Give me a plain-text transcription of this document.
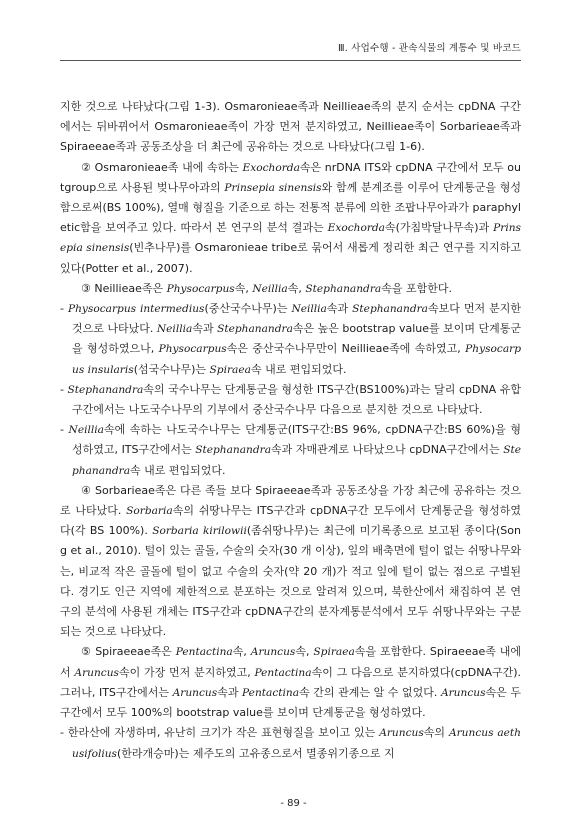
Ⅲ. 사업수행 - 관속식물의 계통수 및 바코드

지한 것으로 나타났다(그림 1-3). Osmaronieae족과 Neillieae족의 분지 순서는 cpDNA 구간에서는 뒤바뀌어서 Osmaronieae족이 가장 먼저 분지하였고, Neillieae족이 Sorbarieae족과 Spiraeeae족과 공동조상을 더 최근에 공유하는 것으로 나타났다(그림 1-6).

② Osmaronieae족 내에 속하는 Exochorda속은 nrDNA ITS와 cpDNA 구간에서 모두 outgroup으로 사용된 벚나무아과의 Prinsepia sinensis와 함께 분계조를 이루어 단계통군을 형성함으로써(BS 100%), 열매 형질을 기준으로 하는 전통적 분류에 의한 조팝나무아과가 paraphyletic함을 보여주고 있다. 따라서 본 연구의 분석 결과는 Exochorda속(가침박달나무속)과 Prinsepia sinensis(빈추나무)를 Osmaronieae tribe로 묶어서 새롭게 정리한 최근 연구를 지지하고 있다(Potter et al., 2007).

③ Neillieae족은 Physocarpus속, Neillia속, Stephanandra속을 포함한다.

- Physocarpus intermedius(중산국수나무)는 Neillia속과 Stephanandra속보다 먼저 분지한 것으로 나타났다. Neillia속과 Stephanandra속은 높은 bootstrap value를 보이며 단계통군을 형성하였으나, Physocarpus속은 중산국수나무만이 Neillieae족에 속하였고, Physocarpus insularis(섬국수나무)는 Spiraea속 내로 편입되었다.

- Stephanandra속의 국수나무는 단계통군을 형성한 ITS구간(BS100%)과는 달리 cpDNA 유합 구간에서는 나도국수나무의 기부에서 중산국수나무 다음으로 분지한 것으로 나타났다.

- Neillia속에 속하는 나도국수나무는 단계통군(ITS구간:BS 96%, cpDNA구간:BS 60%)을 형성하였고, ITS구간에서는 Stephanandra속과 자매관계로 나타났으나 cpDNA구간에서는 Stephanandra속 내로 편입되었다.

④ Sorbarieae족은 다른 족들 보다 Spiraeeae족과 공동조상을 가장 최근에 공유하는 것으로 나타났다. Sorbaria속의 쉬땅나무는 ITS구간과 cpDNA구간 모두에서 단계통군을 형성하였다(각 BS 100%). Sorbaria kirilowii(좀쉬땅나무)는 최근에 미기록종으로 보고된 종이다(Song et al., 2010). 털이 있는 골돌, 수술의 숫자(30 개 이상), 잎의 배축면에 털이 없는 쉬땅나무와는, 비교적 작은 골돌에 털이 없고 수술의 숫자(약 20 개)가 적고 잎에 털이 없는 점으로 구별된다. 경기도 인근 지역에 제한적으로 분포하는 것으로 알려져 있으며, 북한산에서 채집하여 본 연구의 분석에 사용된 개체는 ITS구간과 cpDNA구간의 분자계통분석에서 모두 쉬땅나무와는 구분되는 것으로 나타났다.

⑤ Spiraeeae족은 Pentactina속, Aruncus속, Spiraea속을 포함한다. Spiraeeae족 내에서 Aruncus속이 가장 먼저 분지하였고, Pentactina속이 그 다음으로 분지하였다(cpDNA구간). 그러나, ITS구간에서는 Aruncus속과 Pentactina속 간의 관계는 알 수 없었다. Aruncus속은 두 구간에서 모두 100%의 bootstrap value를 보이며 단계통군을 형성하였다.

- 한라산에 자생하며, 유난히 크기가 작은 표현형질을 보이고 있는 Aruncus속의 Aruncus aethusifolius(한라개승마)는 제주도의 고유종으로서 멸종위기종으로 지

- 89 -
